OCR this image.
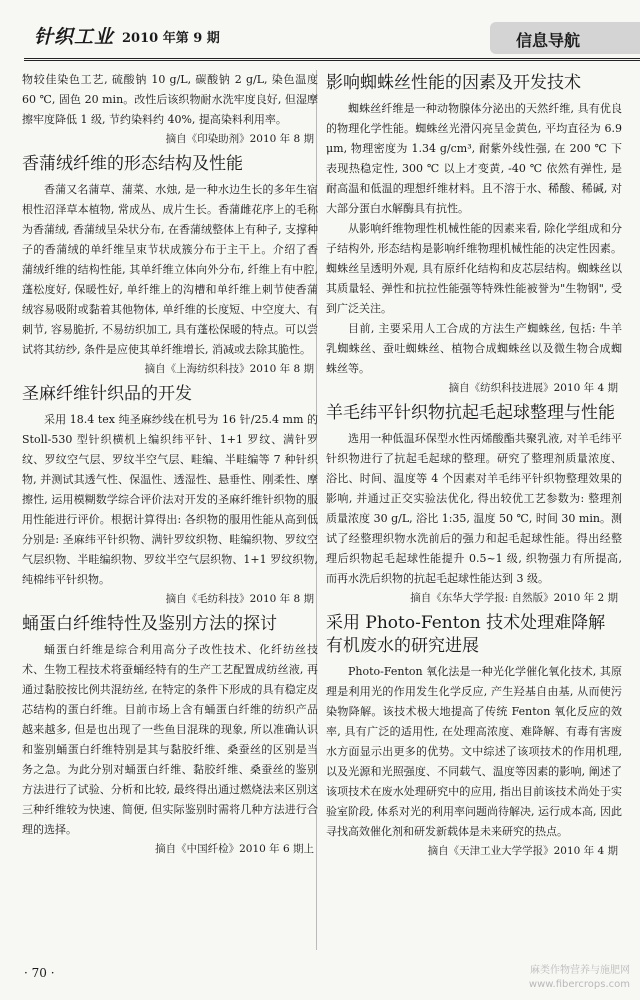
针织工业 2010 年第 9 期	信息导航

物较佳染色工艺, 硫酸钠 10 g/L, 碳酸钠 2 g/L, 染色温度 60 ℃, 固色 20 min。改性后该织物耐水洗牢度良好, 但湿摩擦牢度降低 1 级, 节约染料约 40%, 提高染料利用率。

摘自《印染助剂》2010 年 8 期
香蒲绒纤维的形态结构及性能

香蒲又名蒲草、蒲菜、水烛, 是一种水边生长的多年生宿根性沼泽草本植物, 常成丛、成片生长。香蒲雌花序上的毛称为香蒲绒, 香蒲绒呈朵状分布, 在香蒲绒整体上有种子, 支撑种子的香蒲绒的单纤维呈束节状成簇分布于主干上。介绍了香蒲绒纤维的结构性能, 其单纤维立体向外分布, 纤维上有中腔, 蓬松度好, 保暖性好, 单纤维上的沟槽和单纤维上刺节使香蒲绒容易吸附或黏着其他物体, 单纤维的长度短、中空度大、有刺节, 容易脆折, 不易纺织加工, 具有蓬松保暖的特点。可以尝试将其纺纱, 条件是应使其单纤维增长, 消减或去除其脆性。

摘自《上海纺织科技》2010 年 8 期
圣麻纤维针织品的开发

采用 18.4 tex 纯圣麻纱线在机号为 16 针/25.4 mm 的 Stoll-530 型针织横机上编织纬平针、1+1 罗纹、满针罗纹、罗纹空气层、罗纹半空气层、畦编、半畦编等 7 种针织物, 并测试其透气性、保温性、透湿性、悬垂性、刚柔性、摩擦性, 运用模糊数学综合评价法对开发的圣麻纤维针织物的服用性能进行评价。根据计算得出: 各织物的服用性能从高到低分别是: 圣麻纬平针织物、满针罗纹织物、畦编织物、罗纹空气层织物、半畦编织物、罗纹半空气层织物、1+1 罗纹织物, 纯棉纬平针织物。

摘自《毛纺科技》2010 年 8 期
蛹蛋白纤维特性及鉴别方法的探讨

蛹蛋白纤维是综合利用高分子改性技术、化纤纺丝技术、生物工程技术将蚕蛹经特有的生产工艺配置成纺丝液, 再通过黏胶按比例共混纺丝, 在特定的条件下形成的具有稳定皮芯结构的蛋白纤维。目前市场上含有蛹蛋白纤维的纺织产品越来越多, 但是也出现了一些鱼目混珠的现象, 所以准确认识和鉴别蛹蛋白纤维特别是其与黏胶纤维、桑蚕丝的区别是当务之急。为此分别对蛹蛋白纤维、黏胶纤维、桑蚕丝的鉴别方法进行了试验、分析和比较, 最终得出通过燃烧法来区别这三种纤维较为快速、简便, 但实际鉴别时需将几种方法进行合理的选择。

摘自《中国纤检》2010 年 6 期上
影响蜘蛛丝性能的因素及开发技术

蜘蛛丝纤维是一种动物腺体分泌出的天然纤维, 具有优良的物理化学性能。蜘蛛丝光滑闪亮呈金黄色, 平均直径为 6.9 μm, 物理密度为 1.34 g/cm³, 耐紫外线性强, 在 200 ℃ 下表现热稳定性, 300 ℃ 以上才变黄, -40 ℃ 依然有弹性, 是耐高温和低温的理想纤维材料。且不溶于水、稀酸、稀碱, 对大部分蛋白水解酶具有抗性。

从影响纤维物理性机械性能的因素来看, 除化学组成和分子结构外, 形态结构是影响纤维物理机械性能的决定性因素。蜘蛛丝呈透明外观, 具有原纤化结构和皮芯层结构。蜘蛛丝以其质量轻、弹性和抗拉性能强等特殊性能被誉为"生物钢", 受到广泛关注。

目前, 主要采用人工合成的方法生产蜘蛛丝, 包括: 牛羊乳蜘蛛丝、蚕吐蜘蛛丝、植物合成蜘蛛丝以及微生物合成蜘蛛丝等。

摘自《纺织科技进展》2010 年 4 期
羊毛纬平针织物抗起毛起球整理与性能

选用一种低温环保型水性丙烯酸酯共聚乳液, 对羊毛纬平针织物进行了抗起毛起球的整理。研究了整理剂质量浓度、浴比、时间、温度等 4 个因素对羊毛纬平针织物整理效果的影响, 并通过正交实验法优化, 得出较优工艺参数为: 整理剂质量浓度 30 g/L, 浴比 1:35, 温度 50 ℃, 时间 30 min。测试了经整理织物水洗前后的强力和起毛起球性能。得出经整理后织物起毛起球性能提升 0.5~1 级, 织物强力有所提高, 而再水洗后织物的抗起毛起球性能达到 3 级。

摘自《东华大学学报: 自然版》2010 年 2 期
采用 Photo-Fenton 技术处理难降解有机废水的研究进展

Photo-Fenton 氧化法是一种光化学催化氧化技术, 其原理是利用光的作用发生化学反应, 产生羟基自由基, 从而使污染物降解。该技术极大地提高了传统 Fenton 氧化反应的效率, 具有广泛的适用性, 在处理高浓度、难降解、有毒有害废水方面显示出更多的优势。文中综述了该项技术的作用机理, 以及光源和光照强度、不同载气、温度等因素的影响, 阐述了该项技术在废水处理研究中的应用, 指出目前该技术尚处于实验室阶段, 体系对光的利用率问题尚待解决, 运行成本高, 因此寻找高效催化剂和研发新载体是未来研究的热点。

摘自《天津工业大学学报》2010 年 4 期
· 70 ·	麻类作物营养与施肥网
www.fibercrops.com
